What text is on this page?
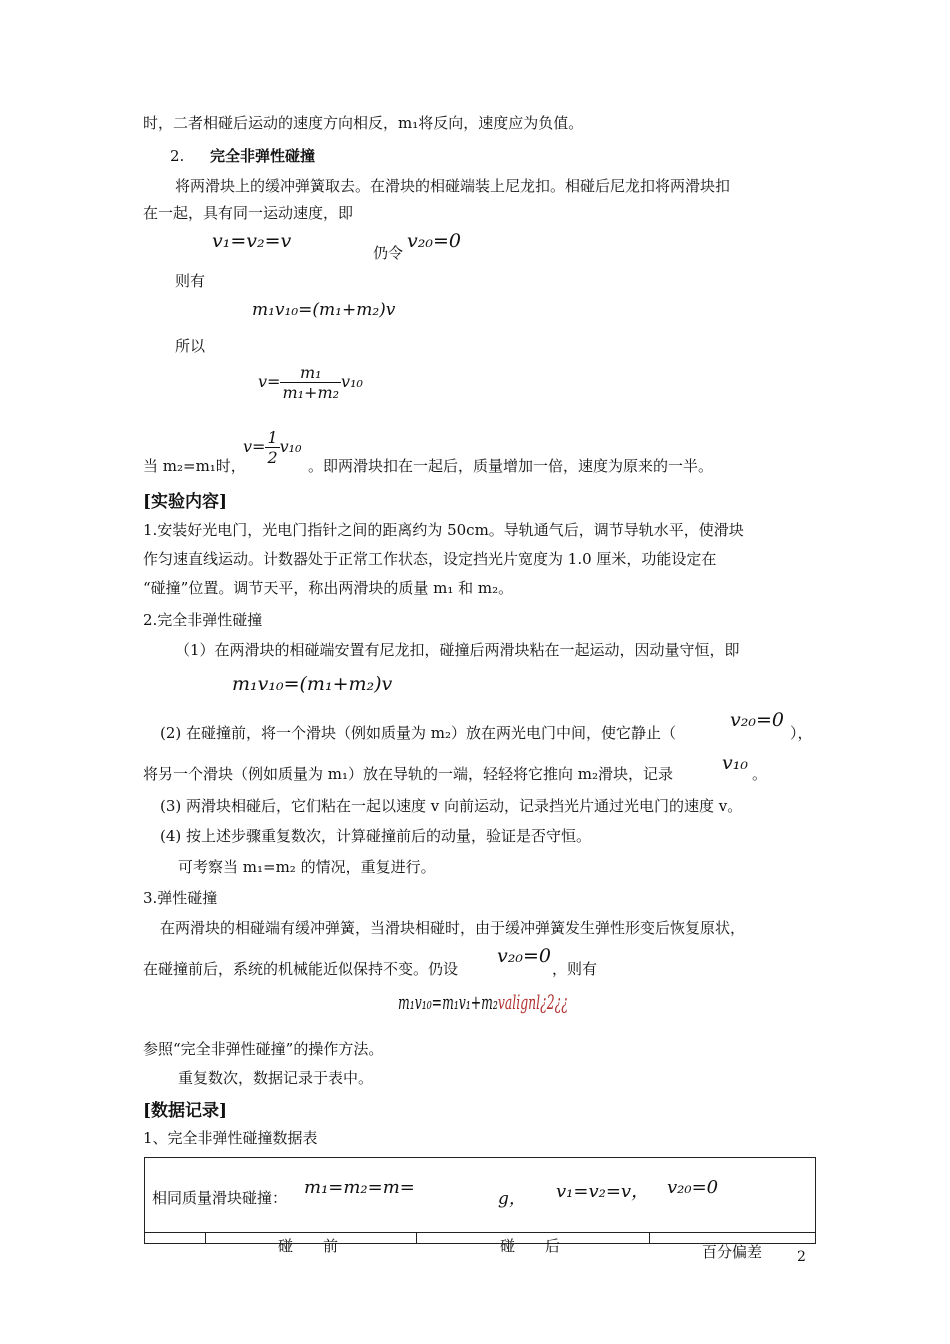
时，二者相碰后运动的速度方向相反，m₁将反向，速度应为负值。
2. 完全非弹性碰撞
将两滑块上的缓冲弹簧取去。在滑块的相碰端装上尼龙扣。相碰后尼龙扣将两滑块扣
在一起，具有同一运动速度，即
v₁=v₂=v
仍令
v₂₀=0
则有
m₁v₁₀=(m₁+m₂)v
所以
$v= \frac{\text{m₁}}{\text{m₁+m₂}} v_{10}$
当 m₂=m₁时，
$v= \frac{1}{2} v_{10}$
。即两滑块扣在一起后，质量增加一倍，速度为原来的一半。
[实验内容]
1.安装好光电门，光电门指针之间的距离约为 50cm。导轨通气后，调节导轨水平，使滑块
作匀速直线运动。计数器处于正常工作状态，设定挡光片宽度为 1.0 厘米，功能设定在
“碰撞”位置。调节天平，称出两滑块的质量 m₁ 和 m₂。
2.完全非弹性碰撞
（1）在两滑块的相碰端安置有尼龙扣，碰撞后两滑块粘在一起运动，因动量守恒，即
m₁v₁₀=(m₁+m₂)v
(2) 在碰撞前，将一个滑块（例如质量为 m₂）放在两光电门中间，使它静止（
v₂₀=0
），
将另一个滑块（例如质量为 m₁）放在导轨的一端，轻轻将它推向 m₂滑块，记录	v₁₀ 。
(3) 两滑块相碰后，它们粘在一起以速度 v 向前运动，记录挡光片通过光电门的速度 v。
(4) 按上述步骤重复数次，计算碰撞前后的动量，验证是否守恒。
可考察当 m₁=m₂ 的情况，重复进行。
3.弹性碰撞
在两滑块的相碰端有缓冲弹簧，当滑块相碰时，由于缓冲弹簧发生弹性形变后恢复原状，
在碰撞前后，系统的机械能近似保持不变。仍设
v₂₀=0
，则有
m₁v₁₀=m₁v₁+m₂valignl¿2¿¿
参照“完全非弹性碰撞”的操作方法。
重复数次，数据记录于表中。
[数据记录]
1、完全非弹性碰撞数据表
相同质量滑块碰撞： m₁=m₂=m=
g， v₁=v₂=v， v₂₀=0
碰　　前	碰　　后	百分偏差 2
